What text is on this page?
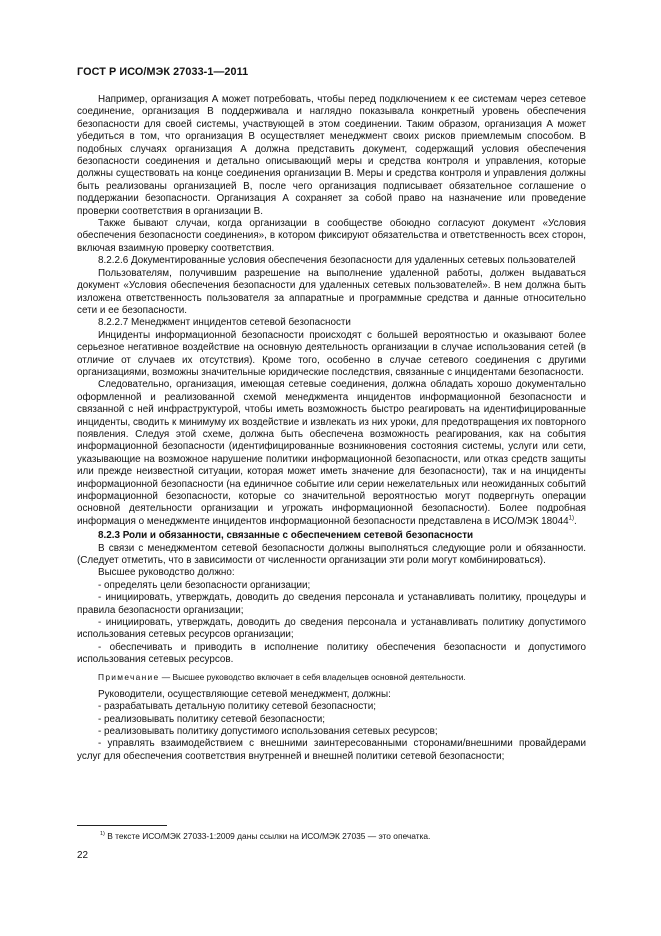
ГОСТ Р ИСО/МЭК 27033-1—2011

Например, организация А может потребовать, чтобы перед подключением к ее системам через сетевое соединение, организация В поддерживала и наглядно показывала конкретный уровень обеспечения безопасности для своей системы, участвующей в этом соединении. Таким образом, организация А может убедиться в том, что организация В осуществляет менеджмент своих рисков приемлемым способом. В подобных случаях организация А должна представить документ, содержащий условия обеспечения безопасности соединения и детально описывающий меры и средства контроля и управления, которые должны существовать на конце соединения организации В. Меры и средства контроля и управления должны быть реализованы организацией В, после чего организация подписывает обязательное соглашение о поддержании безопасности. Организация А сохраняет за собой право на назначение или проведение проверки соответствия в организации В.

Также бывают случаи, когда организации в сообществе обоюдно согласуют документ «Условия обеспечения безопасности соединения», в котором фиксируют обязательства и ответственность всех сторон, включая взаимную проверку соответствия.

8.2.2.6 Документированные условия обеспечения безопасности для удаленных сетевых пользователей

Пользователям, получившим разрешение на выполнение удаленной работы, должен выдаваться документ «Условия обеспечения безопасности для удаленных сетевых пользователей». В нем должна быть изложена ответственность пользователя за аппаратные и программные средства и данные относительно сети и ее безопасности.

8.2.2.7 Менеджмент инцидентов сетевой безопасности

Инциденты информационной безопасности происходят с большей вероятностью и оказывают более серьезное негативное воздействие на основную деятельность организации в случае использования сетей (в отличие от случаев их отсутствия). Кроме того, особенно в случае сетевого соединения с другими организациями, возможны значительные юридические последствия, связанные с инцидентами безопасности.

Следовательно, организация, имеющая сетевые соединения, должна обладать хорошо документально оформленной и реализованной схемой менеджмента инцидентов информационной безопасности и связанной с ней инфраструктурой, чтобы иметь возможность быстро реагировать на идентифицированные инциденты, сводить к минимуму их воздействие и извлекать из них уроки, для предотвращения их повторного появления. Следуя этой схеме, должна быть обеспечена возможность реагирования, как на события информационной безопасности (идентифицированные возникновения состояния системы, услуги или сети, указывающие на возможное нарушение политики информационной безопасности, или отказ средств защиты или прежде неизвестной ситуации, которая может иметь значение для безопасности), так и на инциденты информационной безопасности (на единичное событие или серии нежелательных или неожиданных событий информационной безопасности, которые со значительной вероятностью могут подвергнуть операции основной деятельности организации и угрожать информационной безопасности). Более подробная информация о менеджменте инцидентов информационной безопасности представлена в ИСО/МЭК 18044$^{1)}$.

8.2.3 Роли и обязанности, связанные с обеспечением сетевой безопасности

В связи с менеджментом сетевой безопасности должны выполняться следующие роли и обязанности. (Следует отметить, что в зависимости от численности организации эти роли могут комбинироваться).

Высшее руководство должно:

- определять цели безопасности организации;

- инициировать, утверждать, доводить до сведения персонала и устанавливать политику, процедуры и правила безопасности организации;

- инициировать, утверждать, доводить до сведения персонала и устанавливать политику допустимого использования сетевых ресурсов организации;

- обеспечивать и приводить в исполнение политику обеспечения безопасности и допустимого использования сетевых ресурсов.

Примечание — Высшее руководство включает в себя владельцев основной деятельности.

Руководители, осуществляющие сетевой менеджмент, должны:

- разрабатывать детальную политику сетевой безопасности;

- реализовывать политику сетевой безопасности;

- реализовывать политику допустимого использования сетевых ресурсов;

- управлять взаимодействием с внешними заинтересованными сторонами/внешними провайдерами услуг для обеспечения соответствия внутренней и внешней политики сетевой безопасности;

$^{1)}$ В тексте ИСО/МЭК 27033-1:2009 даны ссылки на ИСО/МЭК 27035 — это опечатка.
22
